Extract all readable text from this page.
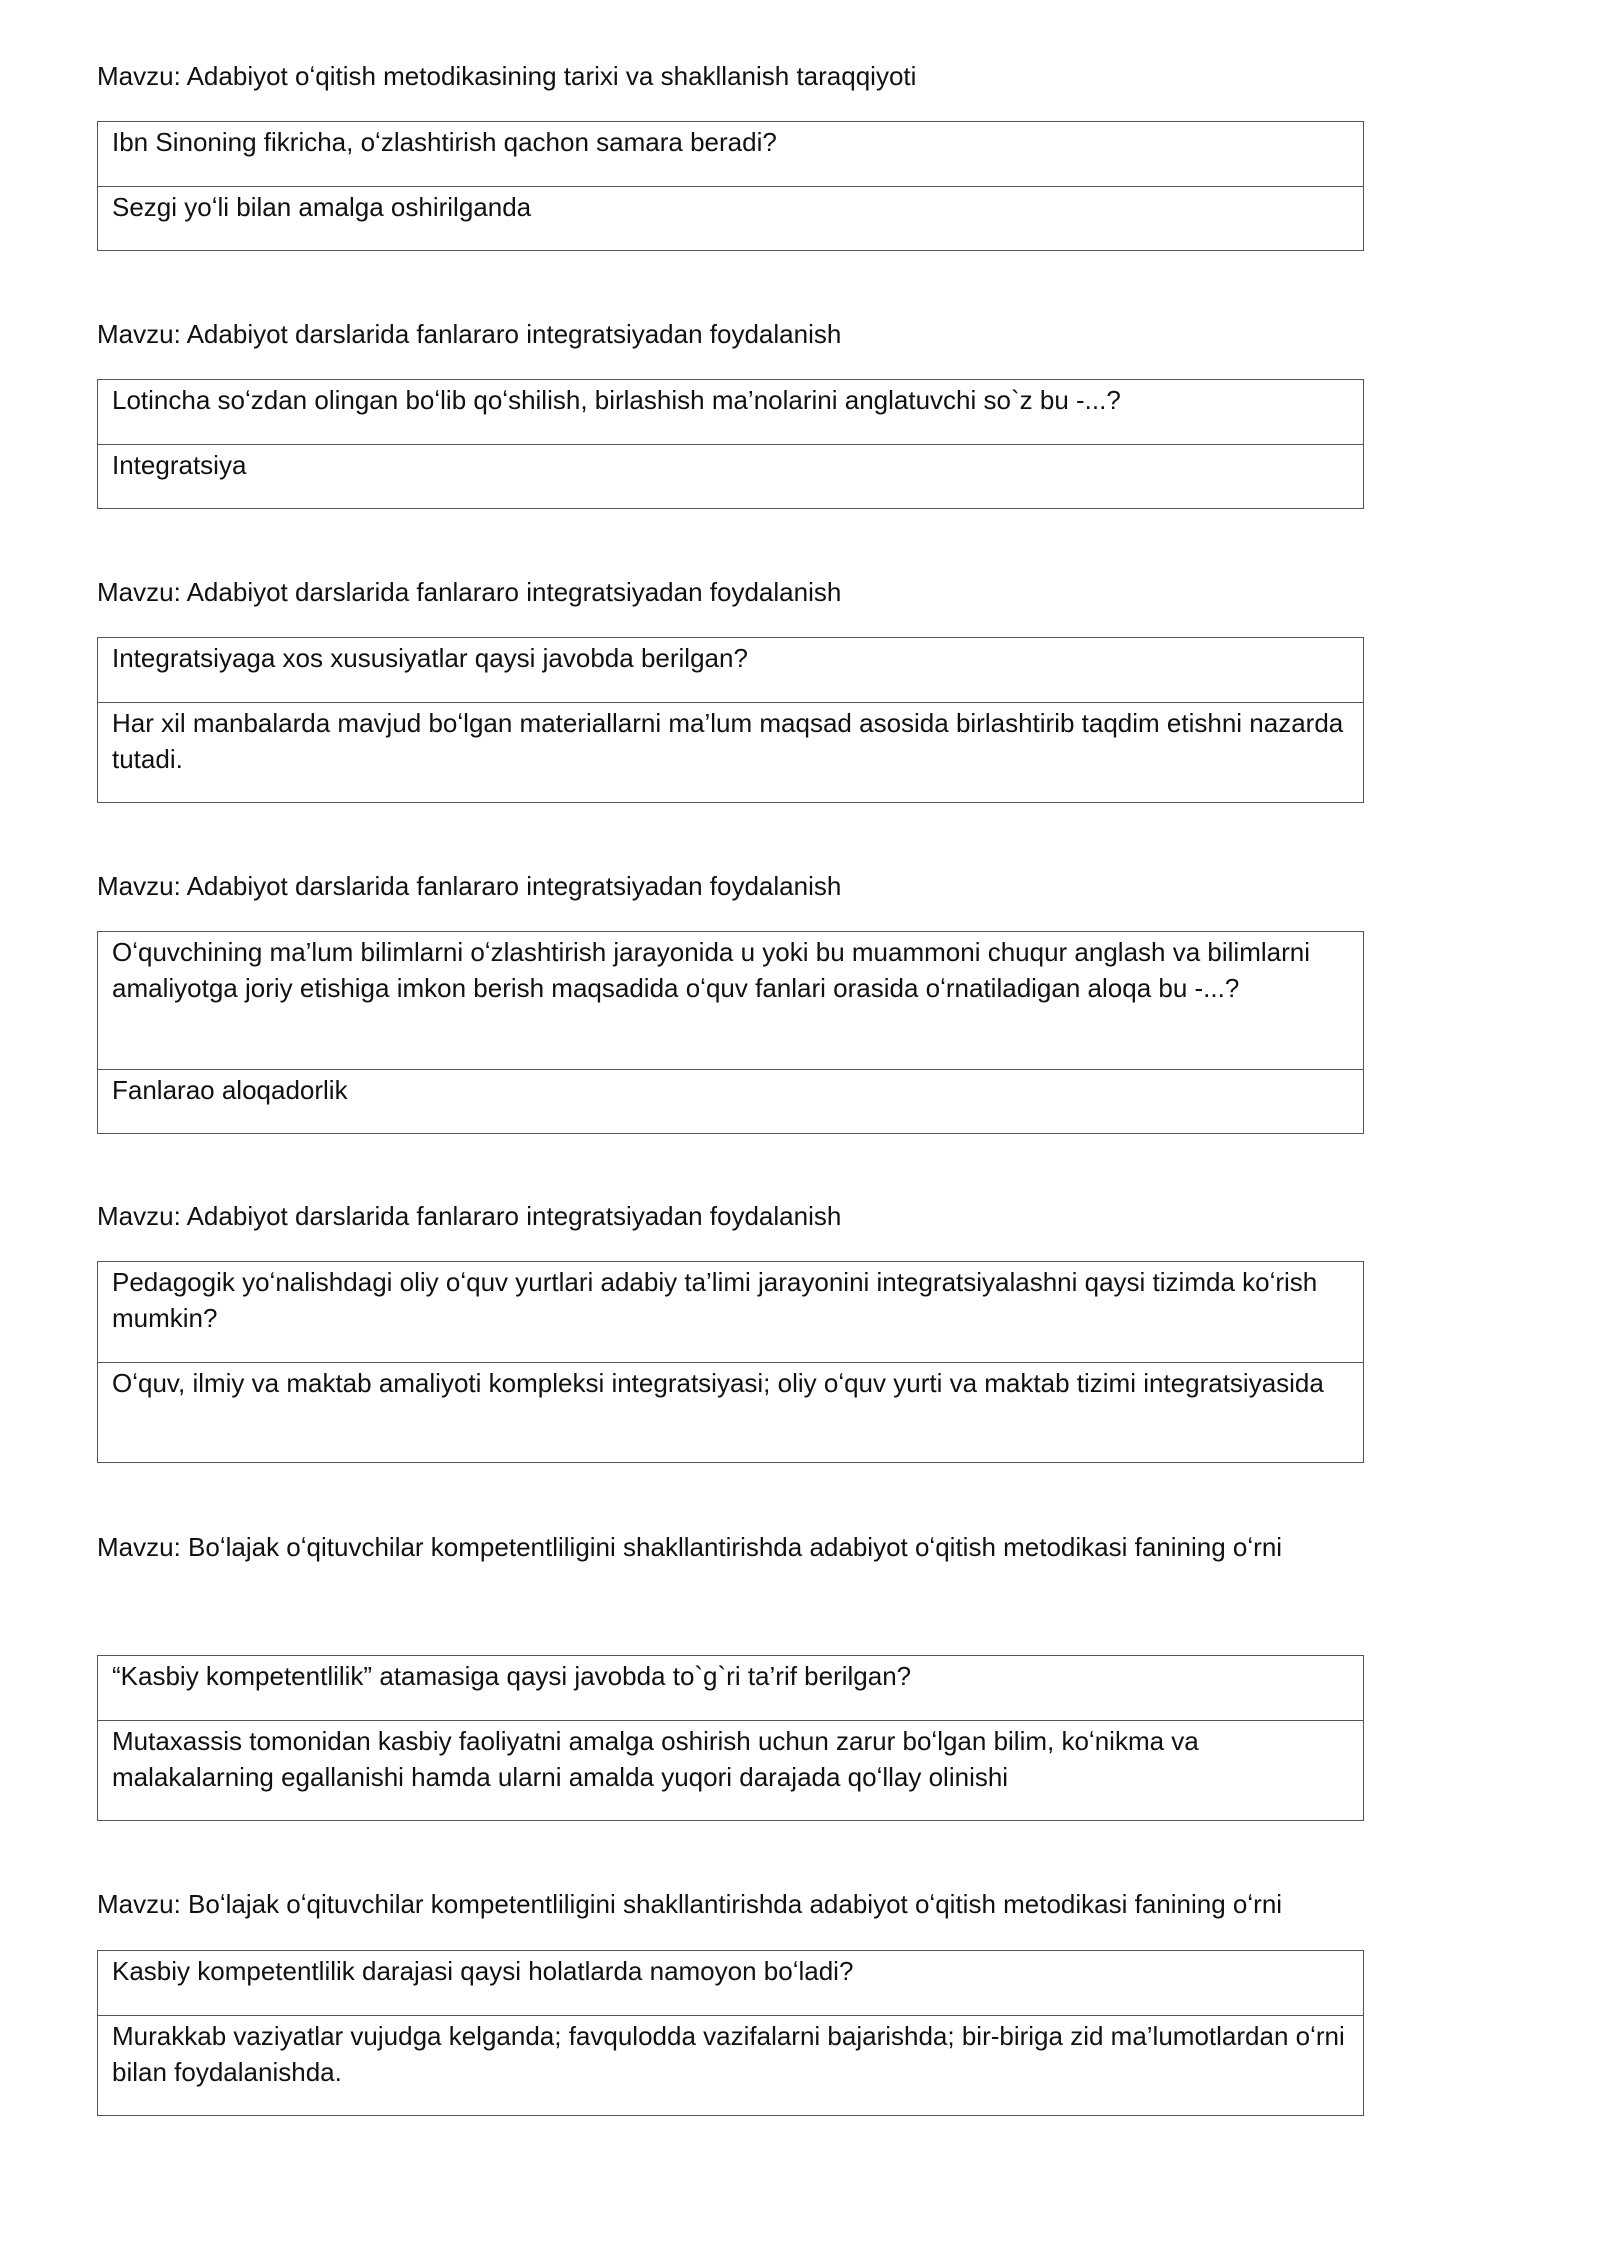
Mavzu: Adabiyot oʻqitish metodikasining tarixi va shakllanish taraqqiyoti
Ibn Sinoning fikricha, oʻzlashtirish qachon samara beradi?
Sezgi yoʻli bilan amalga oshirilganda
Mavzu: Adabiyot darslarida fanlararo integratsiyadan foydalanish
Lotincha soʻzdan olingan boʻlib qoʻshilish, birlashish ma’nolarini anglatuvchi so`z bu -...?
Integratsiya
Mavzu: Adabiyot darslarida fanlararo integratsiyadan foydalanish
Integratsiyaga xos xususiyatlar qaysi javobda berilgan?
Har xil manbalarda mavjud boʻlgan materiallarni ma’lum maqsad asosida birlashtirib taqdim etishni nazarda tutadi.
Mavzu: Adabiyot darslarida fanlararo integratsiyadan foydalanish
Oʻquvchining ma’lum bilimlarni oʻzlashtirish jarayonida u yoki bu muammoni chuqur anglash va bilimlarni amaliyotga joriy etishiga imkon berish maqsadida oʻquv fanlari orasida oʻrnatiladigan aloqa bu -...?
Fanlarao aloqadorlik
Mavzu: Adabiyot darslarida fanlararo integratsiyadan foydalanish
Pedagogik yoʻnalishdagi oliy oʻquv yurtlari adabiy ta’limi jarayonini integratsiyalashni qaysi tizimda koʻrish mumkin?
Oʻquv, ilmiy va maktab amaliyoti kompleksi integratsiyasi; oliy oʻquv yurti va maktab tizimi integratsiyasida
Mavzu: Boʻlajak oʻqituvchilar kompetentliligini shakllantirishda adabiyot oʻqitish metodikasi fanining oʻrni
“Kasbiy kompetentlilik” atamasiga qaysi javobda to`g`ri ta’rif berilgan?
Mutaxassis tomonidan kasbiy faoliyatni amalga oshirish uchun zarur boʻlgan bilim, koʻnikma va malakalarning egallanishi hamda ularni amalda yuqori darajada qoʻllay olinishi
Mavzu: Boʻlajak oʻqituvchilar kompetentliligini shakllantirishda adabiyot oʻqitish metodikasi fanining oʻrni
Kasbiy kompetentlilik darajasi qaysi holatlarda namoyon boʻladi?
Murakkab vaziyatlar vujudga kelganda; favqulodda vazifalarni bajarishda; bir-biriga zid ma’lumotlardan oʻrni bilan foydalanishda.
